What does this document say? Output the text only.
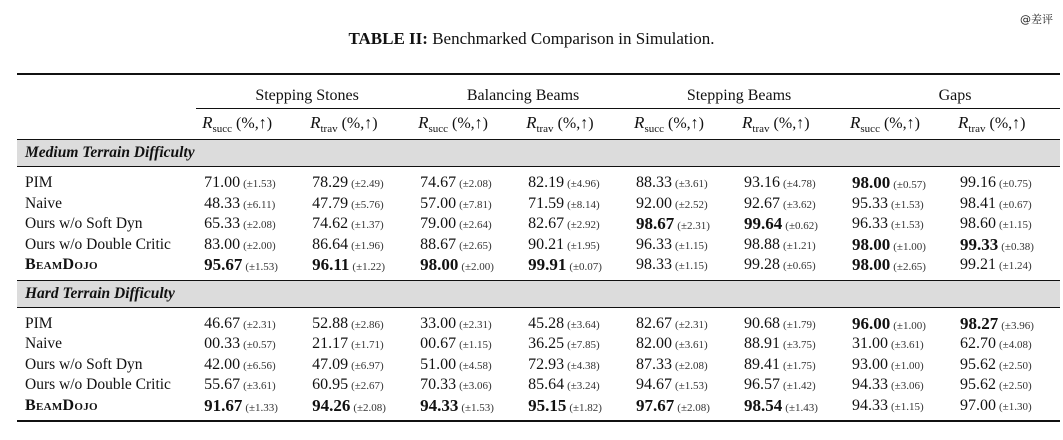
@差评
TABLE II: Benchmarked Comparison in Simulation.

	Stepping Stones		Balancing Beams		Stepping Beams		Gaps	
	$R_{succ}$ (%,↑)	$R_{trav}$ (%,↑)	$R_{succ}$ (%,↑)	$R_{trav}$ (%,↑)	$R_{succ}$ (%,↑)	$R_{trav}$ (%,↑)	$R_{succ}$ (%,↑)	$R_{trav}$ (%,↑)

Medium Terrain Difficulty								

PIM	71.00 (±1.53)	78.29 (±2.49)	74.67 (±2.08)	82.19 (±4.96)	88.33 (±3.61)	93.16 (±4.78)	98.00 (±0.57)	99.16 (±0.75)
Naive	48.33 (±6.11)	47.79 (±5.76)	57.00 (±7.81)	71.59 (±8.14)	92.00 (±2.52)	92.67 (±3.62)	95.33 (±1.53)	98.41 (±0.67)
Ours w/o Soft Dyn	65.33 (±2.08)	74.62 (±1.37)	79.00 (±2.64)	82.67 (±2.92)	98.67 (±2.31)	99.64 (±0.62)	96.33 (±1.53)	98.60 (±1.15)
Ours w/o Double Critic	83.00 (±2.00)	86.64 (±1.96)	88.67 (±2.65)	90.21 (±1.95)	96.33 (±1.15)	98.88 (±1.21)	98.00 (±1.00)	99.33 (±0.38)
BeamDojo	95.67 (±1.53)	96.11 (±1.22)	98.00 (±2.00)	99.91 (±0.07)	98.33 (±1.15)	99.28 (±0.65)	98.00 (±2.65)	99.21 (±1.24)

Hard Terrain Difficulty								

PIM	46.67 (±2.31)	52.88 (±2.86)	33.00 (±2.31)	45.28 (±3.64)	82.67 (±2.31)	90.68 (±1.79)	96.00 (±1.00)	98.27 (±3.96)
Naive	00.33 (±0.57)	21.17 (±1.71)	00.67 (±1.15)	36.25 (±7.85)	82.00 (±3.61)	88.91 (±3.75)	31.00 (±3.61)	62.70 (±4.08)
Ours w/o Soft Dyn	42.00 (±6.56)	47.09 (±6.97)	51.00 (±4.58)	72.93 (±4.38)	87.33 (±2.08)	89.41 (±1.75)	93.00 (±1.00)	95.62 (±2.50)
Ours w/o Double Critic	55.67 (±3.61)	60.95 (±2.67)	70.33 (±3.06)	85.64 (±3.24)	94.67 (±1.53)	96.57 (±1.42)	94.33 (±3.06)	95.62 (±2.50)
BeamDojo	91.67 (±1.33)	94.26 (±2.08)	94.33 (±1.53)	95.15 (±1.82)	97.67 (±2.08)	98.54 (±1.43)	94.33 (±1.15)	97.00 (±1.30)
